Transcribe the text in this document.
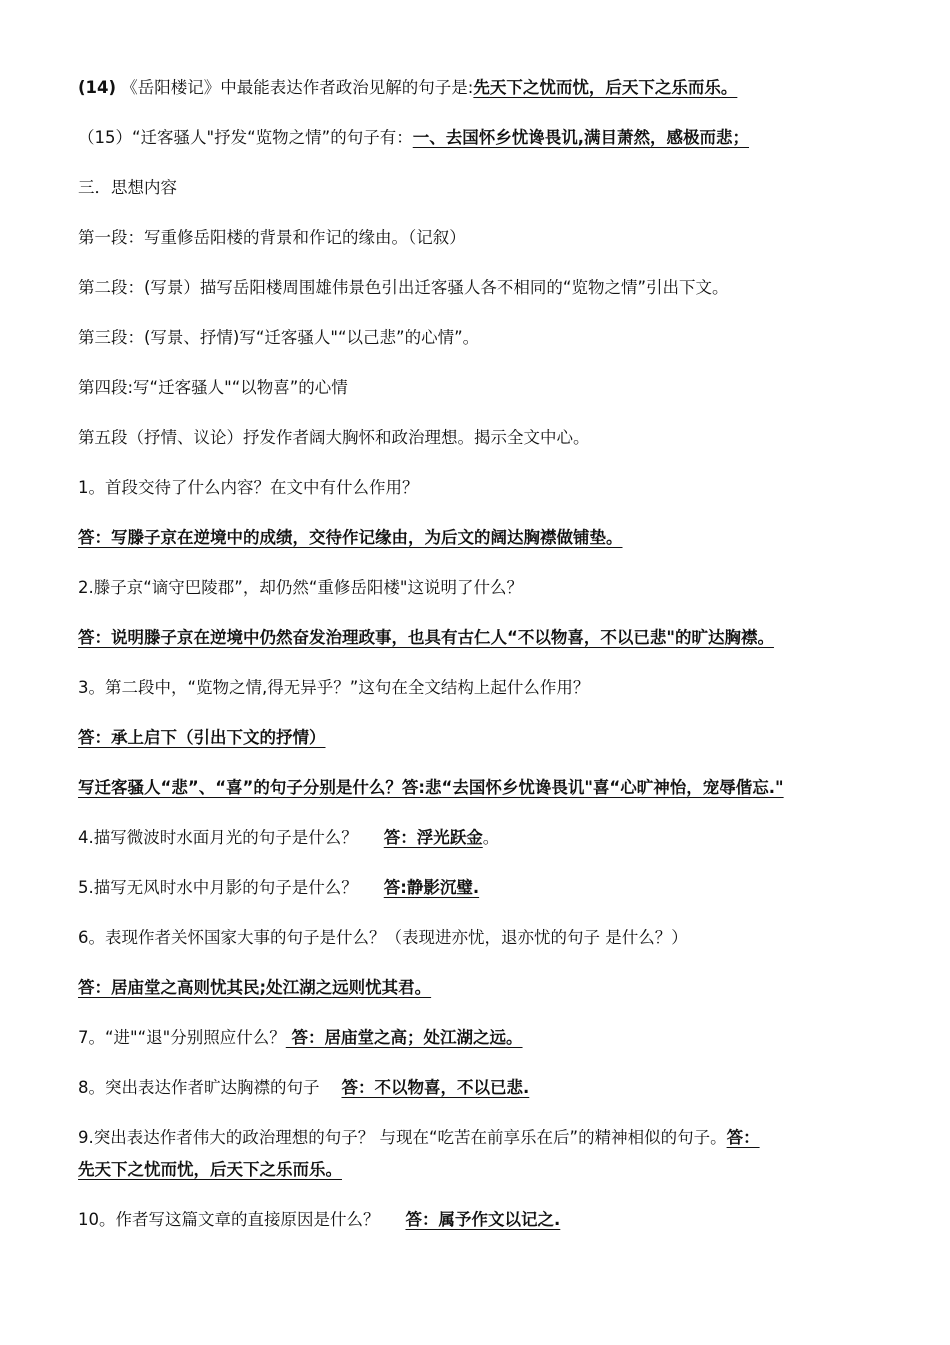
(14) 《岳阳楼记》中最能表达作者政治见解的句子是:先天下之忧而忧，后天下之乐而乐。
（15）“迁客骚人"抒发“览物之情”的句子有：一、去国怀乡忧谗畏讥,满目萧然，感极而悲；
三．思想内容
第一段：写重修岳阳楼的背景和作记的缘由。（记叙）
第二段：(写景）描写岳阳楼周围雄伟景色引出迁客骚人各不相同的“览物之情”引出下文。
第三段：(写景、抒情)写“迁客骚人"“以己悲”的心情”。
第四段:写“迁客骚人"“以物喜”的心情
第五段（抒情、议论）抒发作者阔大胸怀和政治理想。揭示全文中心。
1。首段交待了什么内容？在文中有什么作用？
答：写滕子京在逆境中的成绩，交待作记缘由，为后文的阔达胸襟做铺垫。
2.滕子京“谪守巴陵郡”，却仍然“重修岳阳楼"这说明了什么？
答：说明滕子京在逆境中仍然奋发治理政事，也具有古仁人“不以物喜，不以已悲"的旷达胸襟。
3。第二段中，“览物之情,得无异乎？”这句在全文结构上起什么作用？
答：承上启下（引出下文的抒情）
写迁客骚人“悲”、“喜”的句子分别是什么？答:悲“去国怀乡忧谗畏讥"喜“心旷神怡，宠辱偕忘."
4.描写微波时水面月光的句子是什么？ 答：浮光跃金。
5.描写无风时水中月影的句子是什么？ 答:静影沉璧.
6。表现作者关怀国家大事的句子是什么？（表现进亦忧，退亦忧的句子 是什么？）
答：居庙堂之高则忧其民;处江湖之远则忧其君。
7。“进"“退"分别照应什么？ 答：居庙堂之高；处江湖之远。
8。突出表达作者旷达胸襟的句子 答：不以物喜，不以已悲.
9.突出表达作者伟大的政治理想的句子？ 与现在“吃苦在前享乐在后”的精神相似的句子。答：
先天下之忧而忧，后天下之乐而乐。
10。作者写这篇文章的直接原因是什么？ 答：属予作文以记之.
